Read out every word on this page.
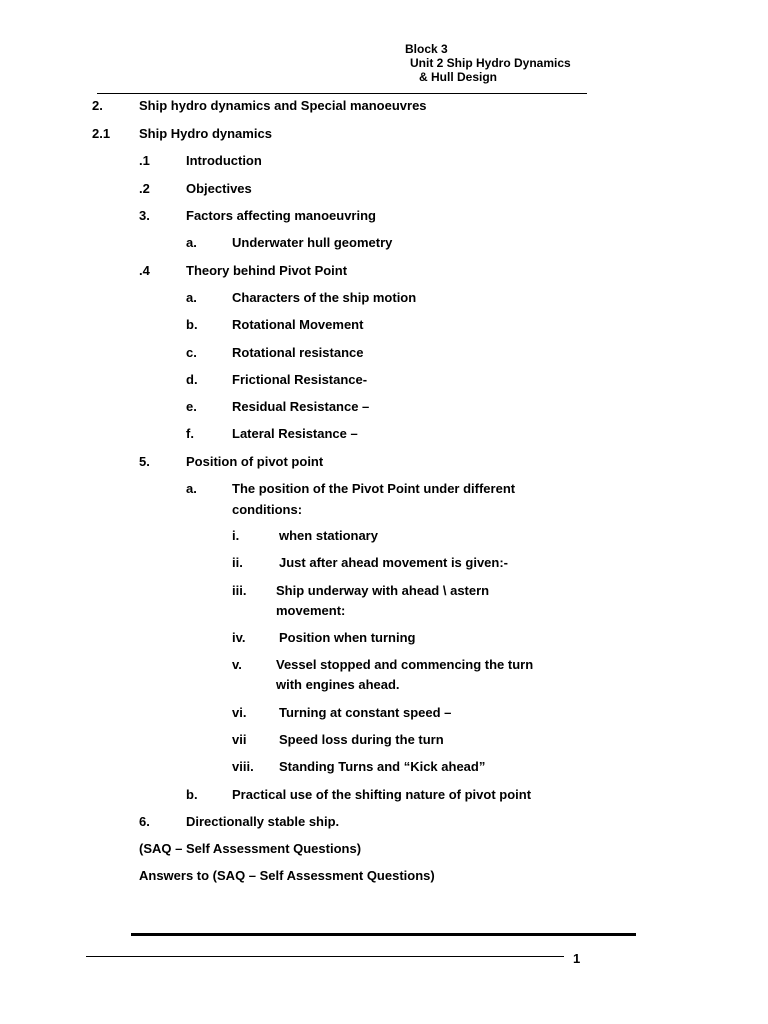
Block 3
Unit 2 Ship Hydro Dynamics
& Hull Design
2.	Ship hydro dynamics and Special manoeuvres
2.1 Ship Hydro dynamics
.1	Introduction
.2	Objectives
3.	Factors affecting manoeuvring
a.	Underwater hull geometry
.4	Theory behind Pivot Point
a.	Characters of the ship motion
b.	Rotational Movement
c.	Rotational resistance
d.	Frictional Resistance-
e.	Residual Resistance –
f.	Lateral Resistance –
5.	Position of pivot point
a.	The position of the Pivot Point under different
conditions:
i.	when stationary
ii.	Just after ahead movement is given:-
iii. Ship underway with ahead \ astern
movement:
iv.	Position when turning
v.	Vessel stopped and commencing the turn
with engines ahead.
vi.	Turning at constant speed –
vii	Speed loss during the turn
viii. Standing Turns and “Kick ahead”
b.	Practical use of the shifting nature of pivot point
6.	Directionally stable ship.
(SAQ – Self Assessment Questions)
Answers to (SAQ – Self Assessment Questions)
1
